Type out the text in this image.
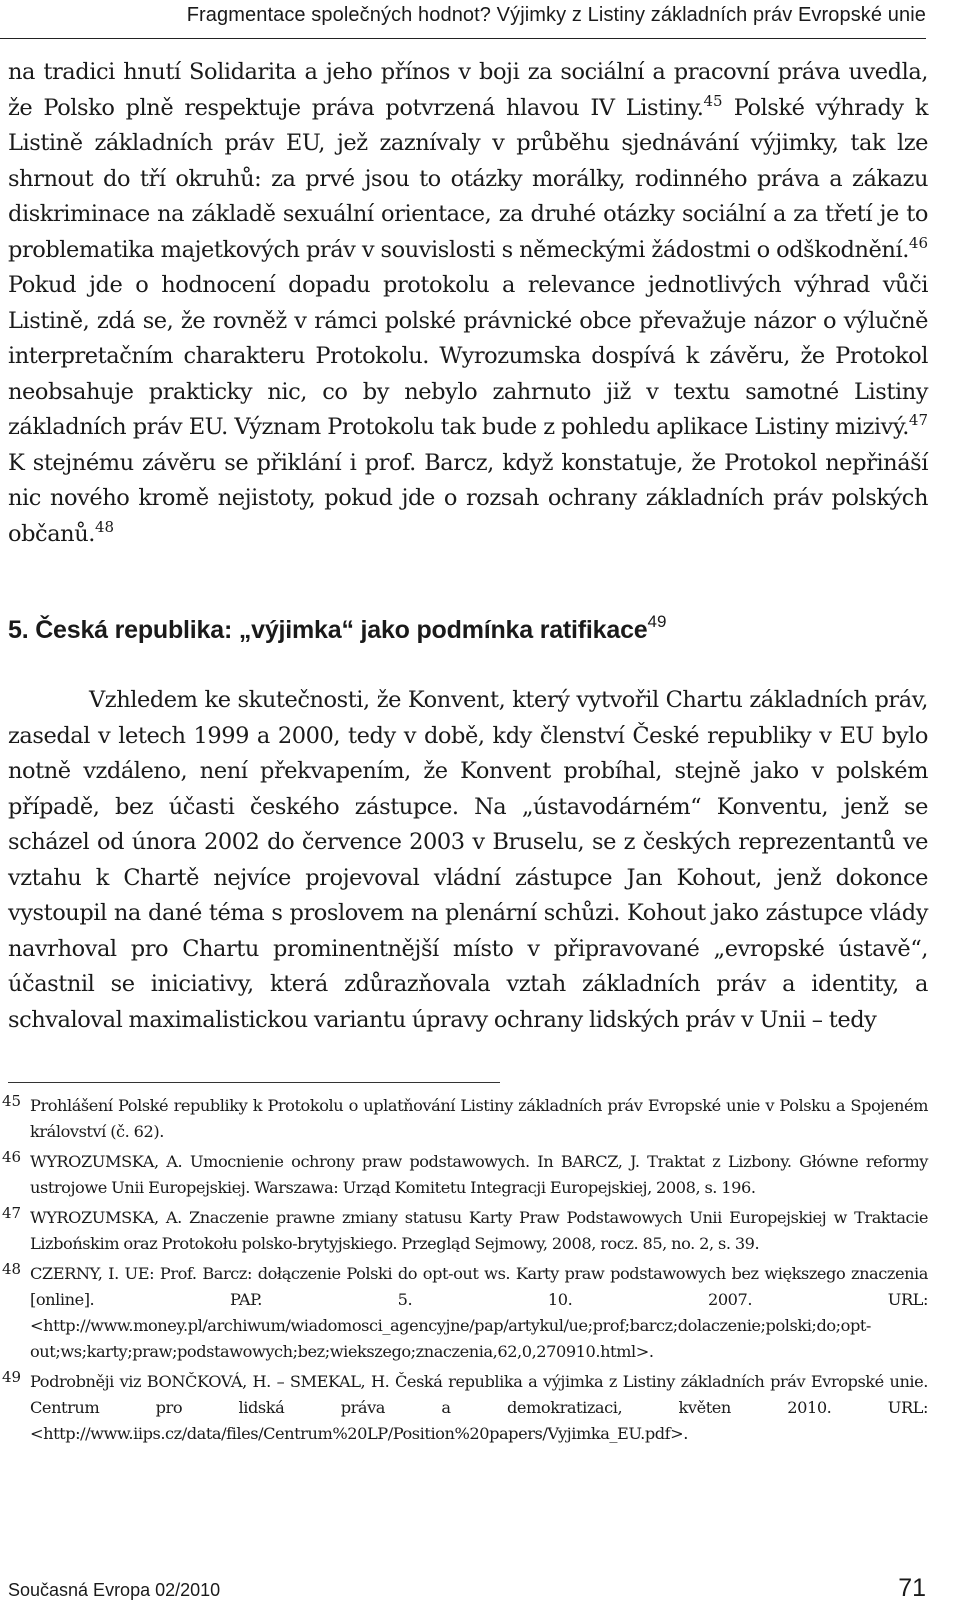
Fragmentace společných hodnot? Výjimky z Listiny základních práv Evropské unie

na tradici hnutí Solidarita a jeho přínos v boji za sociální a pracovní práva uvedla, že Polsko plně respektuje práva potvrzená hlavou IV Listiny.$^{45}$ Polské výhrady k Listině základních práv EU, jež zaznívaly v průběhu sjednávání výjimky, tak lze shrnout do tří okruhů: za prvé jsou to otázky morálky, rodinného práva a zákazu diskriminace na základě sexuální orientace, za druhé otázky sociální a za třetí je to problematika majetkových práv v souvislosti s německými žádostmi o odškodnění.$^{46}$ Pokud jde o hodnocení dopadu protokolu a relevance jednotlivých výhrad vůči Listině, zdá se, že rovněž v rámci polské právnické obce převažuje názor o výlučně interpretačním charakteru Protokolu. Wyrozumska dospívá k závěru, že Protokol neobsahuje prakticky nic, co by nebylo zahrnuto již v textu samotné Listiny základních práv EU. Význam Protokolu tak bude z pohledu aplikace Listiny mizivý.$^{47}$ K stejnému závěru se přiklání i prof. Barcz, když konstatuje, že Protokol nepřináší nic nového kromě nejistoty, pokud jde o rozsah ochrany základních práv polských občanů.$^{48}$

5. Česká republika: „výjimka“ jako podmínka ratifikace$^{49}$

Vzhledem ke skutečnosti, že Konvent, který vytvořil Chartu základních práv, zasedal v letech 1999 a 2000, tedy v době, kdy členství České republiky v EU bylo notně vzdáleno, není překvapením, že Konvent probíhal, stejně jako v polském případě, bez účasti českého zástupce. Na „ústavodárném“ Konventu, jenž se scházel od února 2002 do července 2003 v Bruselu, se z českých reprezentantů ve vztahu k Chartě nejvíce projevoval vládní zástupce Jan Kohout, jenž dokonce vystoupil na dané téma s proslovem na plenární schůzi. Kohout jako zástupce vlády navrhoval pro Chartu prominentnější místo v připravované „evropské ústavě“, účastnil se iniciativy, která zdůrazňovala vztah základních práv a identity, a schvaloval maximalistickou variantu úpravy ochrany lidských práv v Unii – tedy

45 Prohlášení Polské republiky k Protokolu o uplatňování Listiny základních práv Evropské unie v Polsku a Spojeném království (č. 62).

46 WYROZUMSKA, A. Umocnienie ochrony praw podstawowych. In BARCZ, J. Traktat z Lizbony. Główne reformy ustrojowe Unii Europejskiej. Warszawa: Urząd Komitetu Integracji Europejskiej, 2008, s. 196.

47 WYROZUMSKA, A. Znaczenie prawne zmiany statusu Karty Praw Podstawowych Unii Europejskiej w Traktacie Lizbońskim oraz Protokołu polsko-brytyjskiego. Przegląd Sejmowy, 2008, rocz. 85, no. 2, s. 39.

48 CZERNY, I. UE: Prof. Barcz: dołączenie Polski do opt-out ws. Karty praw podstawowych bez większego znaczenia [online]. PAP. 5. 10. 2007. URL: <http://www.money.pl/archiwum/wiadomosci_agencyjne/pap/artykul/ue;prof;barcz;dolaczenie;polski;do;opt-out;ws;karty;praw;podstawowych;bez;wiekszego;znaczenia,62,0,270910.html>.

49 Podrobněji viz BONČKOVÁ, H. – SMEKAL, H. Česká republika a výjimka z Listiny základních práv Evropské unie. Centrum pro lidská práva a demokratizaci, květen 2010. URL: <http://www.iips.cz/data/files/Centrum%20LP/Position%20papers/Vyjimka_EU.pdf>.

Současná Evropa 02/2010	71
